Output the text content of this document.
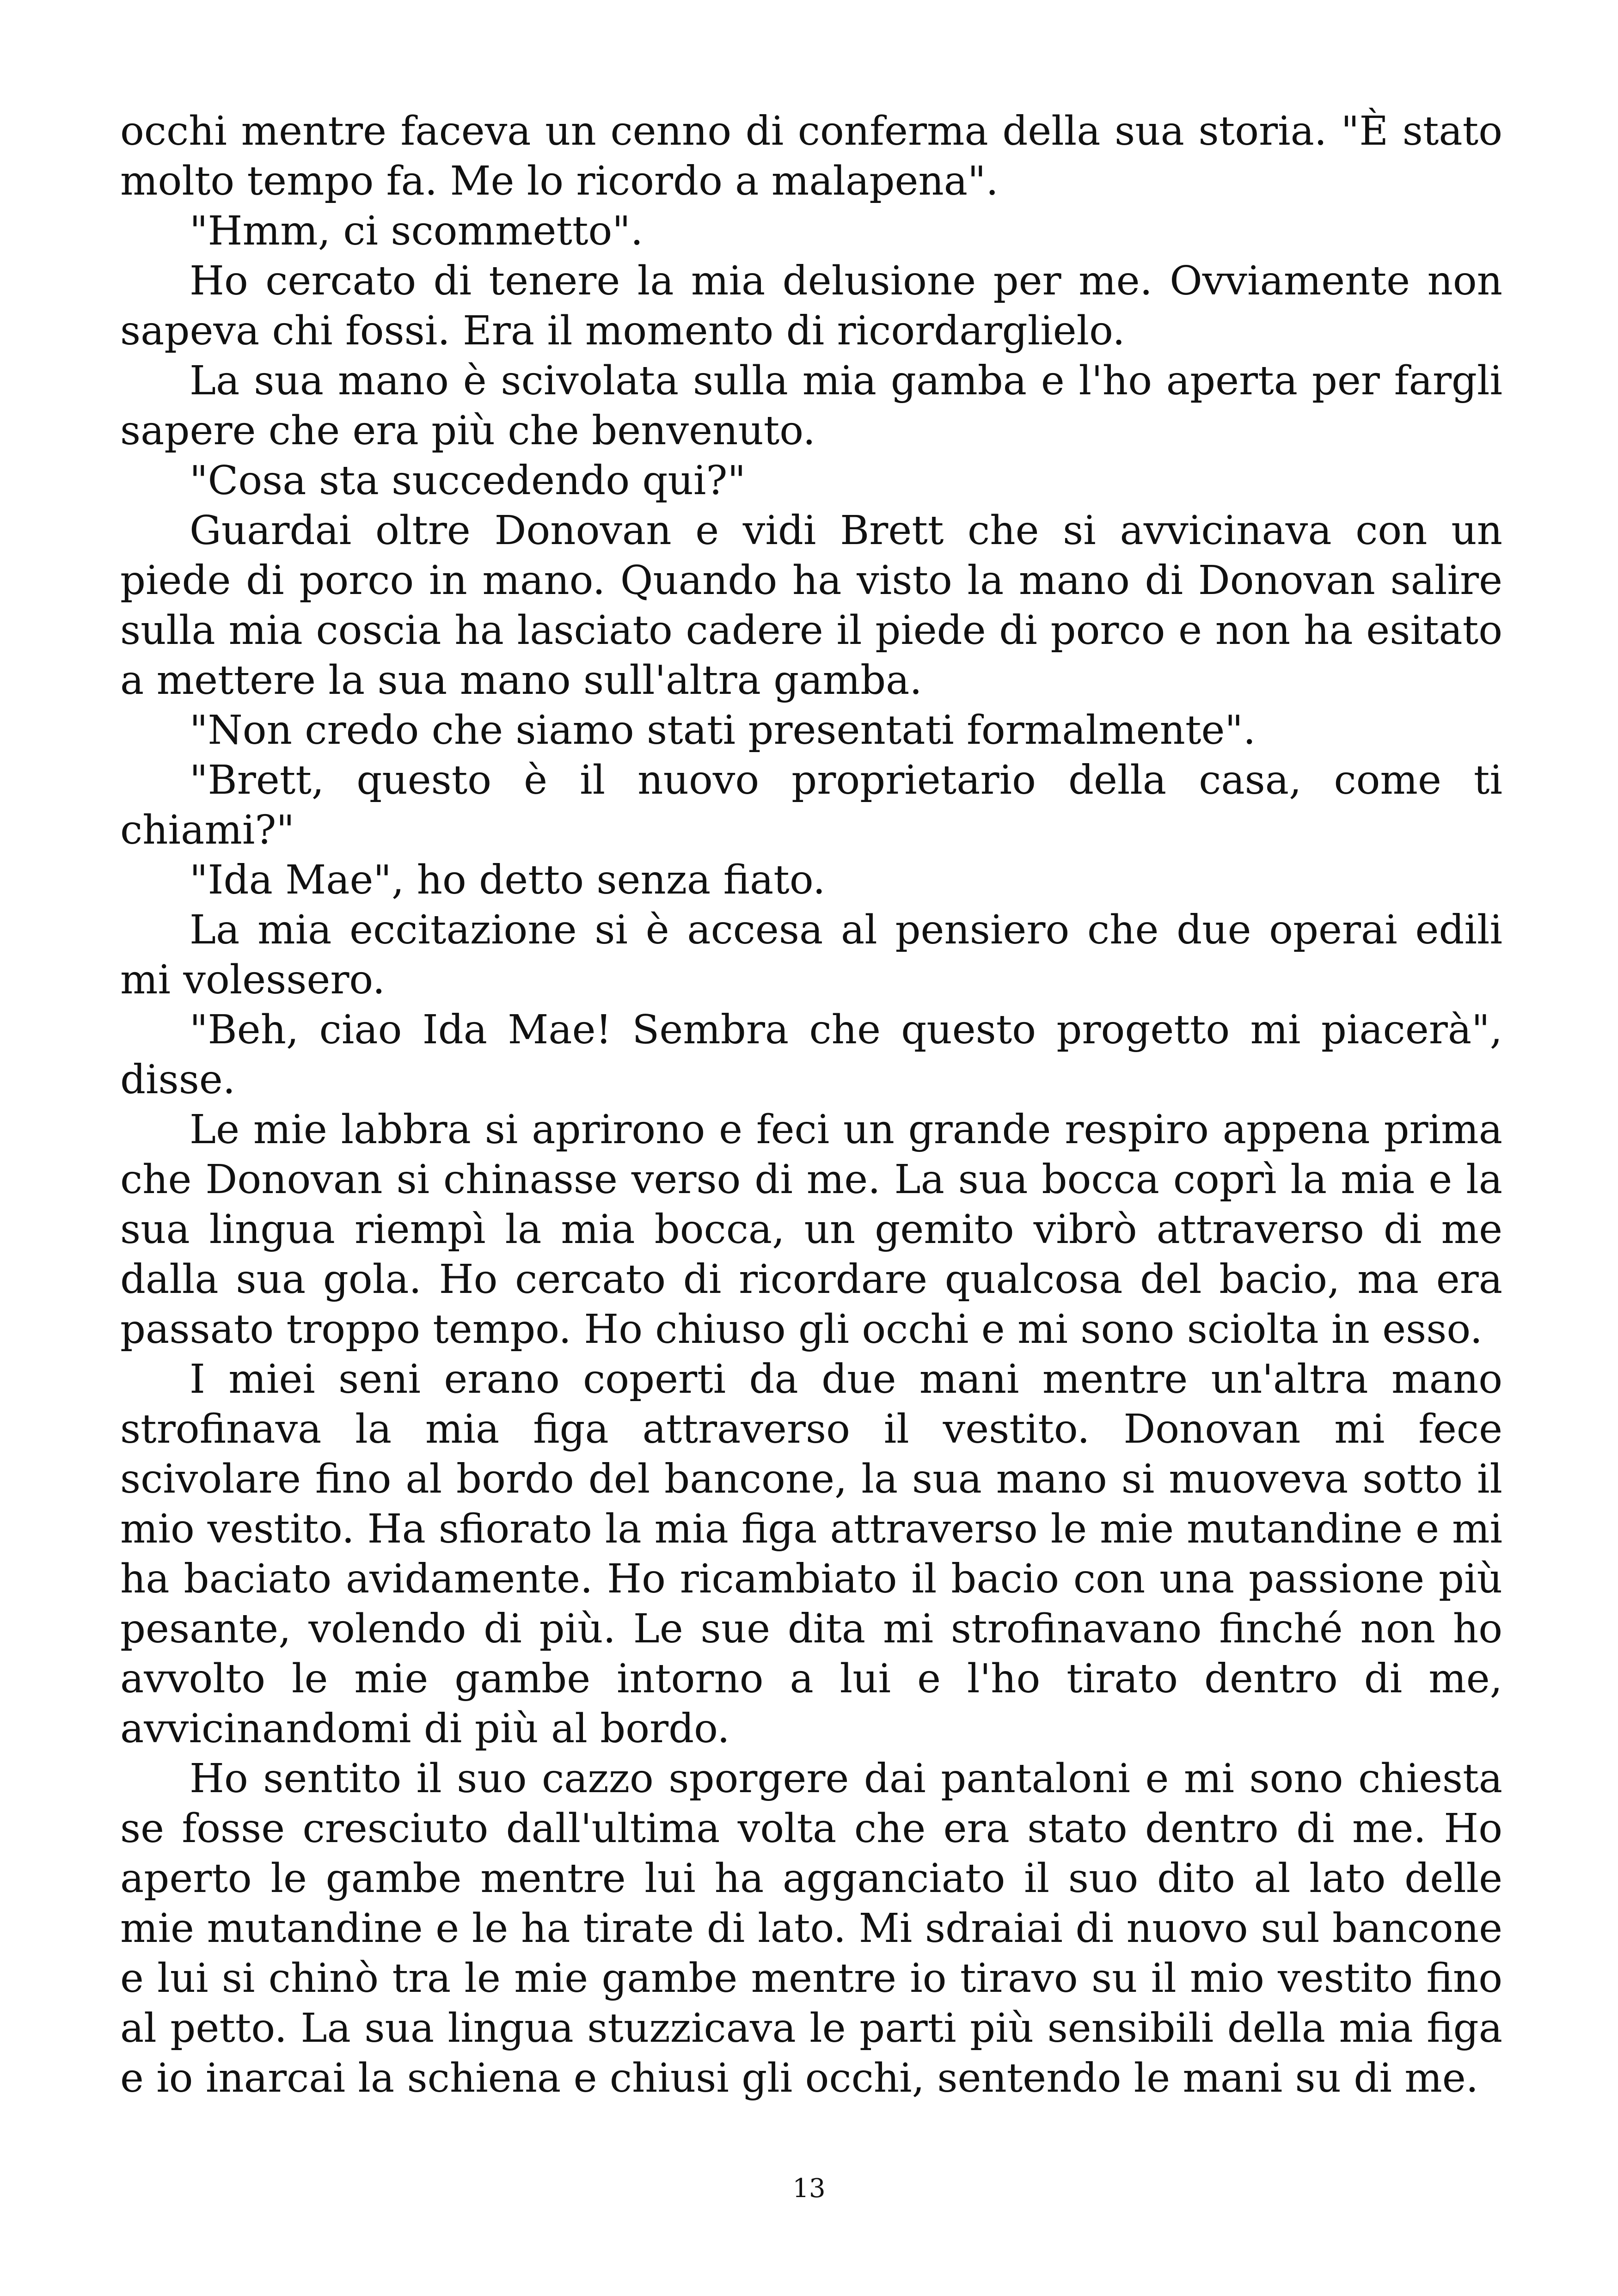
occhi mentre faceva un cenno di conferma della sua storia. "È stato molto tempo fa. Me lo ricordo a malapena".

"Hmm, ci scommetto".

Ho cercato di tenere la mia delusione per me. Ovviamente non sapeva chi fossi. Era il momento di ricordarglielo.

La sua mano è scivolata sulla mia gamba e l'ho aperta per fargli sapere che era più che benvenuto.

"Cosa sta succedendo qui?"

Guardai oltre Donovan e vidi Brett che si avvicinava con un piede di porco in mano. Quando ha visto la mano di Donovan salire sulla mia coscia ha lasciato cadere il piede di porco e non ha esitato a mettere la sua mano sull'altra gamba.

"Non credo che siamo stati presentati formalmente".

"Brett, questo è il nuovo proprietario della casa, come ti chiami?"

"Ida Mae", ho detto senza fiato.

La mia eccitazione si è accesa al pensiero che due operai edili mi volessero.

"Beh, ciao Ida Mae! Sembra che questo progetto mi piacerà", disse.

Le mie labbra si aprirono e feci un grande respiro appena prima che Donovan si chinasse verso di me. La sua bocca coprì la mia e la sua lingua riempì la mia bocca, un gemito vibrò attraverso di me dalla sua gola. Ho cercato di ricordare qualcosa del bacio, ma era passato troppo tempo. Ho chiuso gli occhi e mi sono sciolta in esso.

I miei seni erano coperti da due mani mentre un'altra mano strofinava la mia figa attraverso il vestito. Donovan mi fece scivolare fino al bordo del bancone, la sua mano si muoveva sotto il mio vestito. Ha sfiorato la mia figa attraverso le mie mutandine e mi ha baciato avidamente. Ho ricambiato il bacio con una passione più pesante, volendo di più. Le sue dita mi strofinavano finché non ho avvolto le mie gambe intorno a lui e l'ho tirato dentro di me, avvicinandomi di più al bordo.

Ho sentito il suo cazzo sporgere dai pantaloni e mi sono chiesta se fosse cresciuto dall'ultima volta che era stato dentro di me. Ho aperto le gambe mentre lui ha agganciato il suo dito al lato delle mie mutandine e le ha tirate di lato. Mi sdraiai di nuovo sul bancone e lui si chinò tra le mie gambe mentre io tiravo su il mio vestito fino al petto. La sua lingua stuzzicava le parti più sensibili della mia figa e io inarcai la schiena e chiusi gli occhi, sentendo le mani su di me.

13
